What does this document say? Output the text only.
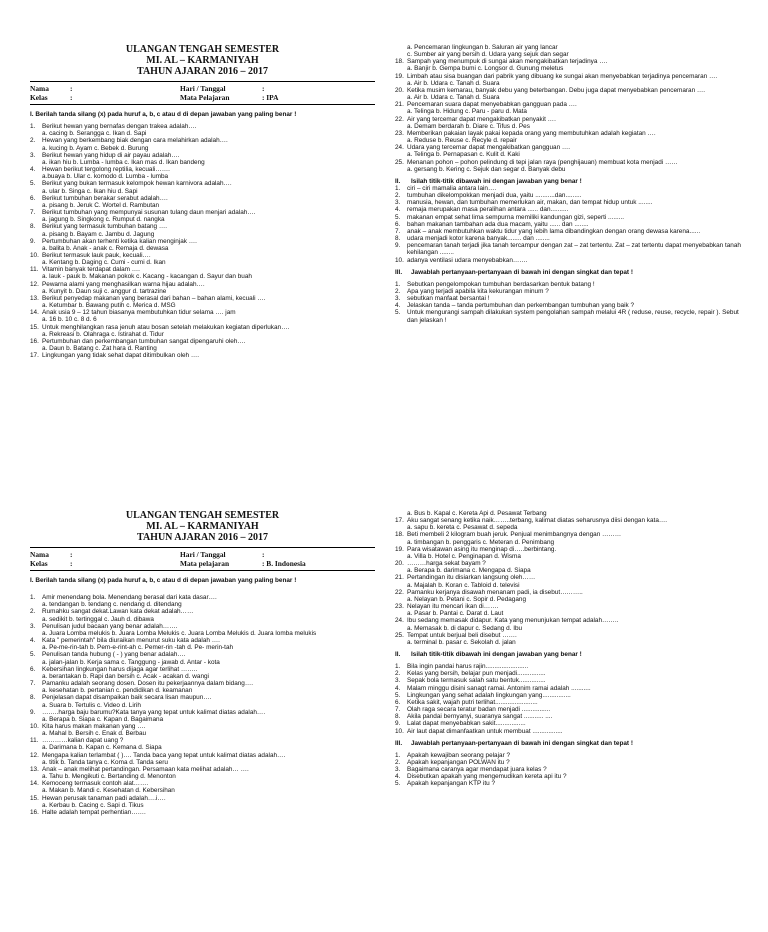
ULANGAN TENGAH SEMESTER
MI. AL – KARMANIYAH
TAHUN AJARAN 2016 – 2017
Nama	:
Kelas	:
Hari / Tanggal	:
Mata Pelajaran	: IPA
I. Berilah tanda silang (x) pada huruf a, b, c atau d di depan jawaban yang paling benar !
1.	Berikut hewan yang bernafas dengan trakea adalah….
a. cacing b. Serangga c. Ikan d. Sapi
2.	Hewan yang berkembang biak dengan cara melahirkan adalah….
a. kucing b. Ayam c. Bebek d. Burung
3.	Berikut hewan yang hidup di air payau adalah….
a. ikan hiu b. Lumba - lumba c. Ikan mas d. Ikan bandeng
4.	Hewan berikut tergolong reptilia, kecuali…….
a.buaya b. Ular c. komodo d. Lumba - lumba
5.	Berikut yang bukan termasuk kelompok hewan karnivora adalah….
a. ular b. Singa c. Ikan hiu d. Sapi
6.	Berikut tumbuhan berakar serabut adalah….
a. pisang b. Jeruk C. Wortel d. Rambutan
7.	Berikut tumbuhan yang mempunyai susunan tulang daun menjari adalah….
a. jagung b. Singkong c. Rumput d. nangka
8.	Berikut yang termasuk tumbuhan batang ….
a. pisang b. Bayam c. Jambu d. Jagung
9.	Pertumbuhan akan terhenti ketika kalian menginjak ….
a. balita b. Anak - anak c. Remaja d. dewasa
10. Berikut termasuk lauk pauk, kecuali….
a. Kentang b. Daging c. Cumi - cumi d. Ikan
11. Vitamin banyak terdapat dalam ….
a. lauk - pauk b. Makanan pokok c. Kacang - kacangan d. Sayur dan buah
12. Pewarna alami yang menghasilkan warna hijau adalah….
a. Kunyit b. Daun suji c. anggur d. tartrazine
13. Berikut penyedap makanan yang berasal dari bahan – bahan alami, kecuali ….
a. Ketumbar b. Bawang putih c. Merica d. MSG
14. Anak usia 9 – 12 tahun biasanya membutuhkan tidur selama …. jam
a. 16 b. 10 c. 8 d. 6
15. Untuk menghilangkan rasa jenuh atau bosan setelah melakukan kegiatan diperlukan….
a. Rekreasi b. Olahraga c. Istirahat d. Tidur
16. Pertumbuhan dan perkembangan tumbuhan sangat dipengaruhi oleh….
a. Daun b. Batang c. Zat hara d. Ranting
17. Lingkungan yang tidak sehat dapat ditimbulkan oleh ….
a. Pencemaran lingkungan b. Saluran air yang lancar
c. Sumber air yang bersih d. Udara yang sejuk dan segar
18. Sampah yang menumpuk di sungai akan mengakibatkan terjadinya ….
a. Banjir b. Gempa bumi c. Longsor d. Gunung meletus
19. Limbah atau sisa buangan dari pabrik yang dibuang ke sungai akan menyebabkan terjadinya pencemaran ….
a. Air b. Udara c. Tanah d. Suara
20. Ketika musim kemarau, banyak debu yang beterbangan. Debu juga dapat menyebabkan pencemaran ….
a. Air b. Udara c. Tanah d. Suara
21. Pencemaran suara dapat menyebabkan gangguan pada ….
a. Telinga b. Hidung c. Paru - paru d. Mata
22. Air yang tercemar dapat mengakibatkan penyakit ….
a. Demam berdarah b. Diare c. Tifus d. Pes
23. Memberikan pakaian layak pakai kepada orang yang membutuhkan adalah kegiatan ….
a. Reduse b. Reuse c. Recyle d. repair
24. Udara yang tercemar dapat mengakibatkan gangguan ….
a. Telinga b. Pernapasan c. Kulit d. Kaki
25. Menanan pohon – pohon pelindung di tepi jalan raya (penghijauan) membuat kota menjadi ……
a. gersang b. Kering c. Sejuk dan segar d. Banyak debu
II.	Isilah titik-titik dibawah ini dengan jawaban yang benar !
1.	ciri – ciri mamalia antara lain….
2.	tumbuhan dikelompokkan menjadi dua, yaitu ...........dan.........
3.	manusia, hewan, dan tumbuhan memerlukan air, makan, dan tempat hidup untuk ........
4.	remaja merupakan masa peralihan antara ...... dan..........
5.	makanan empat sehat lima sempurna memiliki kandungan gizi, seperti .........
6.	bahan makanan tambahan ada dua macam, yaitu ...... dan ........
7.	anak – anak membutuhkan waktu tidur yang lebih lama dibandingkan dengan orang dewasa karena......
8.	udara menjadi kotor karena banyak........ dan ........
9.	pencemaran tanah terjadi jika tanah tercampur dengan zat – zat tertentu. Zat – zat tertentu dapat menyebabkan tanah kehilangan ........
10. adanya ventilasi udara menyebabkan…….
III.	Jawablah pertanyaan-pertanyaan di bawah ini dengan singkat dan tepat !
1.	Sebutkan pengelompokan tumbuhan berdasarkan bentuk batang !
2.	Apa yang terjadi apabila kita kekurangan minum ?
3.	sebutkan manfaat bersantai !
4.	Jelaskan tanda – tanda pertumbuhan dan perkembangan tumbuhan yang baik ?
5.	Untuk mengurangi sampah dilakukan system pengolahan sampah melalui 4R ( reduse, reuse, recycle, repair ). Sebut dan jelaskan !
ULANGAN TENGAH SEMESTER
MI. AL – KARMANIYAH
TAHUN AJARAN 2016 – 2017
Nama	:
Kelas	:
Hari / Tanggal	:
Mata pelajaran	: B. Indonesia
I. Berilah tanda silang (x) pada huruf a, b, c atau d di depan jawaban yang paling benar !
1.	Amir menendang bola. Menendang berasal dari kata dasar….
a. tendangan b. tendang c. nendang d. ditendang
2.	Rumahku sangat dekat.Lawan kata dekat adalah……
a. sedikit b. tertinggal c. Jauh d. dibawa
3.	Penulisan judul bacaan yang benar adalah…….
a. Juara Lomba melukis b. Juara Lomba Melukis c. Juara Lomba Melukis d. Juara lomba melukis
4.	Kata " pemerintah" bila diuraikan menurut suku kata adalah ….
a. Pe-me-rin-tah b. Pem-e-rint-ah c. Pemer-rin -tah d. Pe- merin-tah
5.	Penulisan tanda hubung ( - ) yang benar adalah….
a. jalan-jalan b. Kerja sama c. Tanggung - jawab d. Antar - kota
6.	Kebersihan lingkungan harus dijaga agar terlihat ……..
a. berantakan b. Rapi dan bersih c. Acak - acakan d. wangi
7.	Pamanku adalah seorang dosen. Dosen itu pekerjaannya dalam bidang….
a. kesehatan b. pertanian c. pendidikan d. keamanan
8.	Penjelasan dapat disampaikan baik secara lisan maupun….
a. Suara b. Tertulis c. Video d. Lirih
9.	……..harga baju barumu?Kata tanya yang tepat untuk kalimat diatas adalah….
a. Berapa b. Siapa c. Kapan d. Bagaimana
10. Kita harus makan makanan yang ….
a. Mahal b. Bersih c. Enak d. Berbau
11. …………kalian dapat uang ?
a. Darimana b. Kapan c. Kemana d. Siapa
12. Mengapa kalian terlambat ( )…. Tanda baca yang tepat untuk kalimat diatas adalah….
a. titik b. Tanda tanya c. Koma d. Tanda seru
13. Anak – anak melihat pertandingan. Persamaan kata melihat adalah… ….
a. Tahu b. Mengikuti c. Bertanding d. Menonton
14. Kemoceng termasuk contoh alat…….
a. Makan b. Mandi c. Kesehatan d. Kebersihan
15. Hewan perusak tanaman padi adalah….i….
a. Kerbau b. Cacing c. Sapi d. Tikus
16. Halte adalah tempat perhentian…….
a. Bus b. Kapal c. Kereta Api d. Pesawat Terbang
17. Aku sangat senang ketika naik……..terbang, kalimat diatas seharusnya diisi dengan kata….
a. sapu b. kereta c. Pesawat d. sepeda
18. Beti membeli 2 kilogram buah jeruk. Penjual menimbangnya dengan ………
a. timbangan b. penggaris c. Meteran d. Penimbang
19. Para wisatawan asing itu menginap di…..berbintang.
a. Villa b. Hotel c. Penginapan d. Wisma
20. ………harga sekat bayam ?
a. Berapa b. darimana c. Mengapa d. Siapa
21. Pertandingan itu disiarkan langsung oleh……
a. Majalah b. Koran c. Tabloid d. televisi
22. Pamanku kerjanya disawah menanam padi, ia disebut………..
a. Nelayan b. Petani c. Sopir d. Pedagang
23. Nelayan itu mencari ikan di…….
a. Pasar b. Pantai c. Darat d. Laut
24. Ibu sedang memasak didapur. Kata yang menunjukan tempat adalah……..
a. Memasak b. di dapur c. Sedang d. Ibu
25. Tempat untuk berjual beli disebut …….
a. terminal b. pasar c. Sekolah d. jalan
II.	Isilah titik-titik dibawah ini dengan jawaban yang benar !
1.	Bila ingin pandai harus rajin........................
2.	Kelas yang bersih, belajar pun menjadi................
3.	Sepak bola termasuk salah satu bentuk...............
4.	Malam minggu disini sanagt ramai. Antonim ramai adalah ...........
5.	Lingkungan yang sehat adalah lingkungan yang................
6.	Ketika sakit, wajah putri terlihat........................
7.	Olah raga secara teratur badan menjadi ................
8.	Akila pandai bernyanyi, suaranya sangat ........... ....
9.	Lalat dapat menyebabkan sakit.................
10. Air laut dapat dimanfaatkan untuk membuat .................
III.	Jawablah pertanyaan-pertanyaan di bawah ini dengan singkat dan tepat !
1.	Apakah kewajiban seorang pelajar ?
2.	Apakah kepanjangan POLWAN itu ?
3.	Bagaimana caranya agar mendapat juara kelas ?
4.	Disebutkan apakah yang mengemudikan kereta api itu ?
5.	Apakah kepanjangan KTP itu ?
